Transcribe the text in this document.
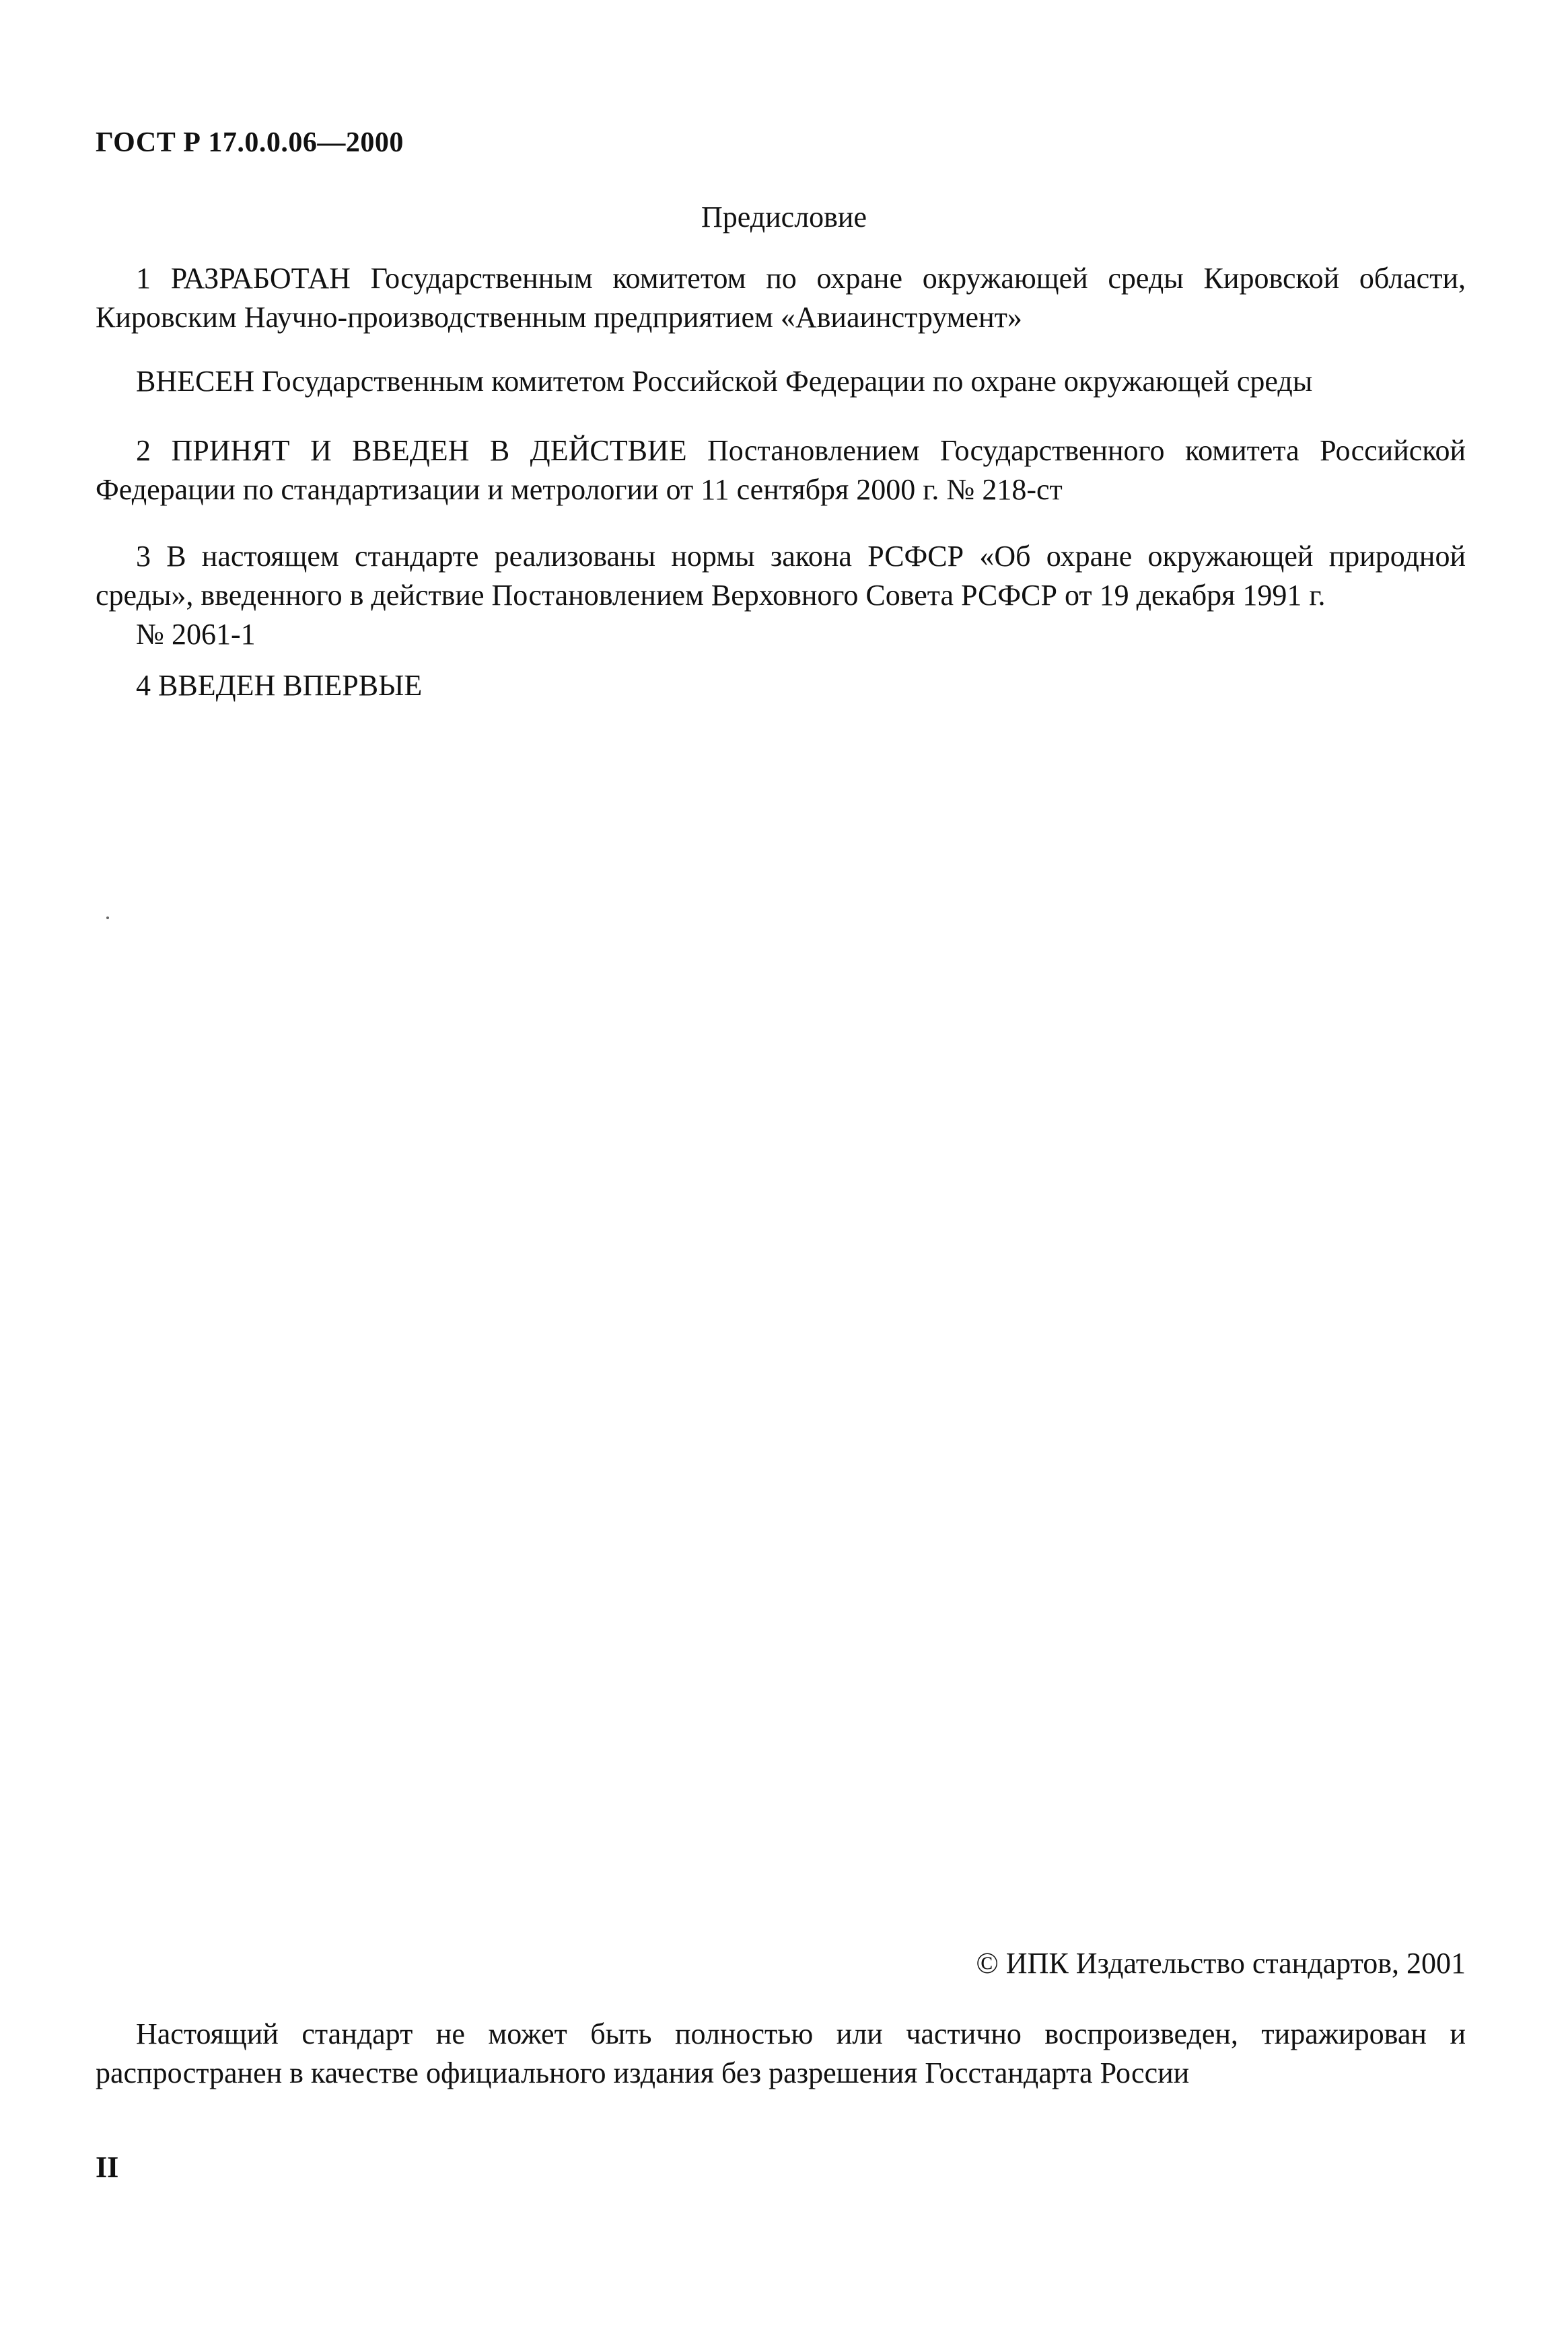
ГОСТ Р 17.0.0.06—2000
Предисловие
1 РАЗРАБОТАН Государственным комитетом по охране окружающей среды Кировской области,
Кировским Научно-производственным предприятием «Авиаинструмент»
ВНЕСЕН Государственным комитетом Российской Федерации по охране окружающей среды
2 ПРИНЯТ И ВВЕДЕН В ДЕЙСТВИЕ Постановлением Государственного комитета Российской
Федерации по стандартизации и метрологии от 11 сентября 2000 г. № 218-ст
3 В настоящем стандарте реализованы нормы закона РСФСР «Об охране окружающей природной
среды», введенного в действие Постановлением Верховного Совета РСФСР от 19 декабря 1991 г.
№ 2061-1
4 ВВЕДЕН ВПЕРВЫЕ
© ИПК Издательство стандартов, 2001
Настоящий стандарт не может быть полностью или частично воспроизведен, тиражирован и
распространен в качестве официального издания без разрешения Госстандарта России
II
